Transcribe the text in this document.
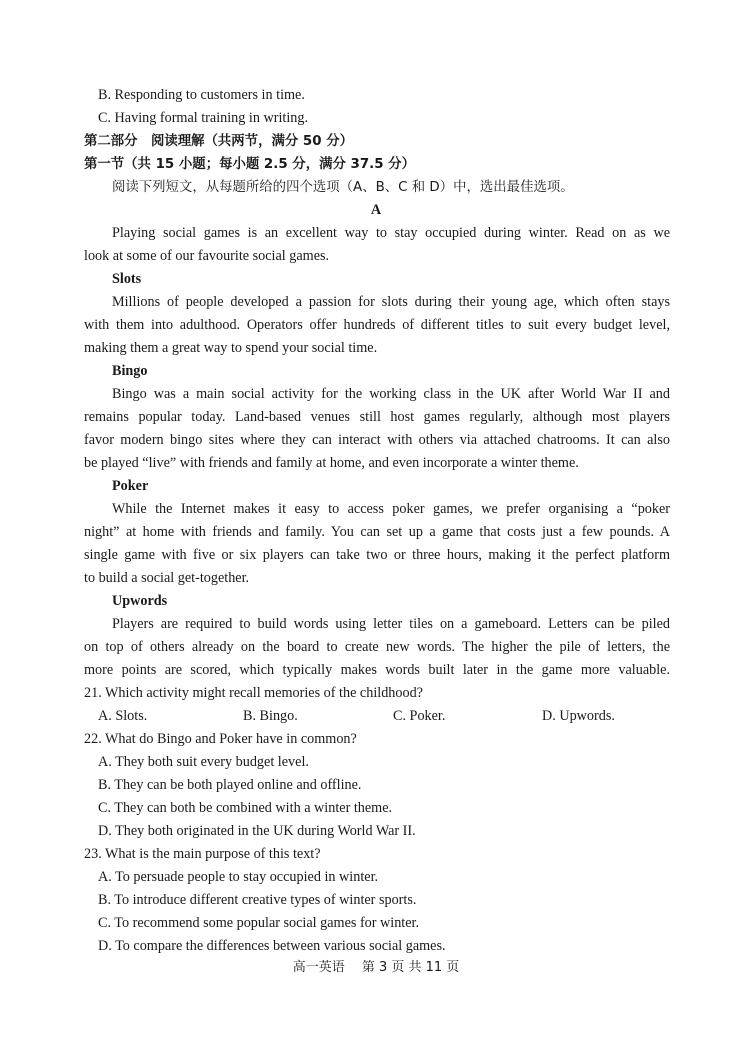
B. Responding to customers in time.
C. Having formal training in writing.
第二部分　阅读理解（共两节，满分 50 分）
第一节（共 15 小题；每小题 2.5 分，满分 37.5 分）
阅读下列短文，从每题所给的四个选项（A、B、C 和 D）中，选出最佳选项。
A
Playing social games is an excellent way to stay occupied during winter. Read on as we
look at some of our favourite social games.
Slots
Millions of people developed a passion for slots during their young age, which often stays
with them into adulthood. Operators offer hundreds of different titles to suit every budget level,
making them a great way to spend your social time.
Bingo
Bingo was a main social activity for the working class in the UK after World War II and
remains popular today. Land-based venues still host games regularly, although most players
favor modern bingo sites where they can interact with others via attached chatrooms. It can also
be played “live” with friends and family at home, and even incorporate a winter theme.
Poker
While the Internet makes it easy to access poker games, we prefer organising a “poker
night” at home with friends and family. You can set up a game that costs just a few pounds. A
single game with five or six players can take two or three hours, making it the perfect platform
to build a social get-together.
Upwords
Players are required to build words using letter tiles on a gameboard. Letters can be piled
on top of others already on the board to create new words. The higher the pile of letters, the
more points are scored, which typically makes words built later in the game more valuable.
21. Which activity might recall memories of the childhood?
A. Slots.	B. Bingo.	C. Poker.	D. Upwords.
22. What do Bingo and Poker have in common?
A. They both suit every budget level.
B. They can be both played online and offline.
C. They can both be combined with a winter theme.
D. They both originated in the UK during World War II.
23. What is the main purpose of this text?
A. To persuade people to stay occupied in winter.
B. To introduce different creative types of winter sports.
C. To recommend some popular social games for winter.
D. To compare the differences between various social games.
高一英语　 第 3 页 共 11 页
